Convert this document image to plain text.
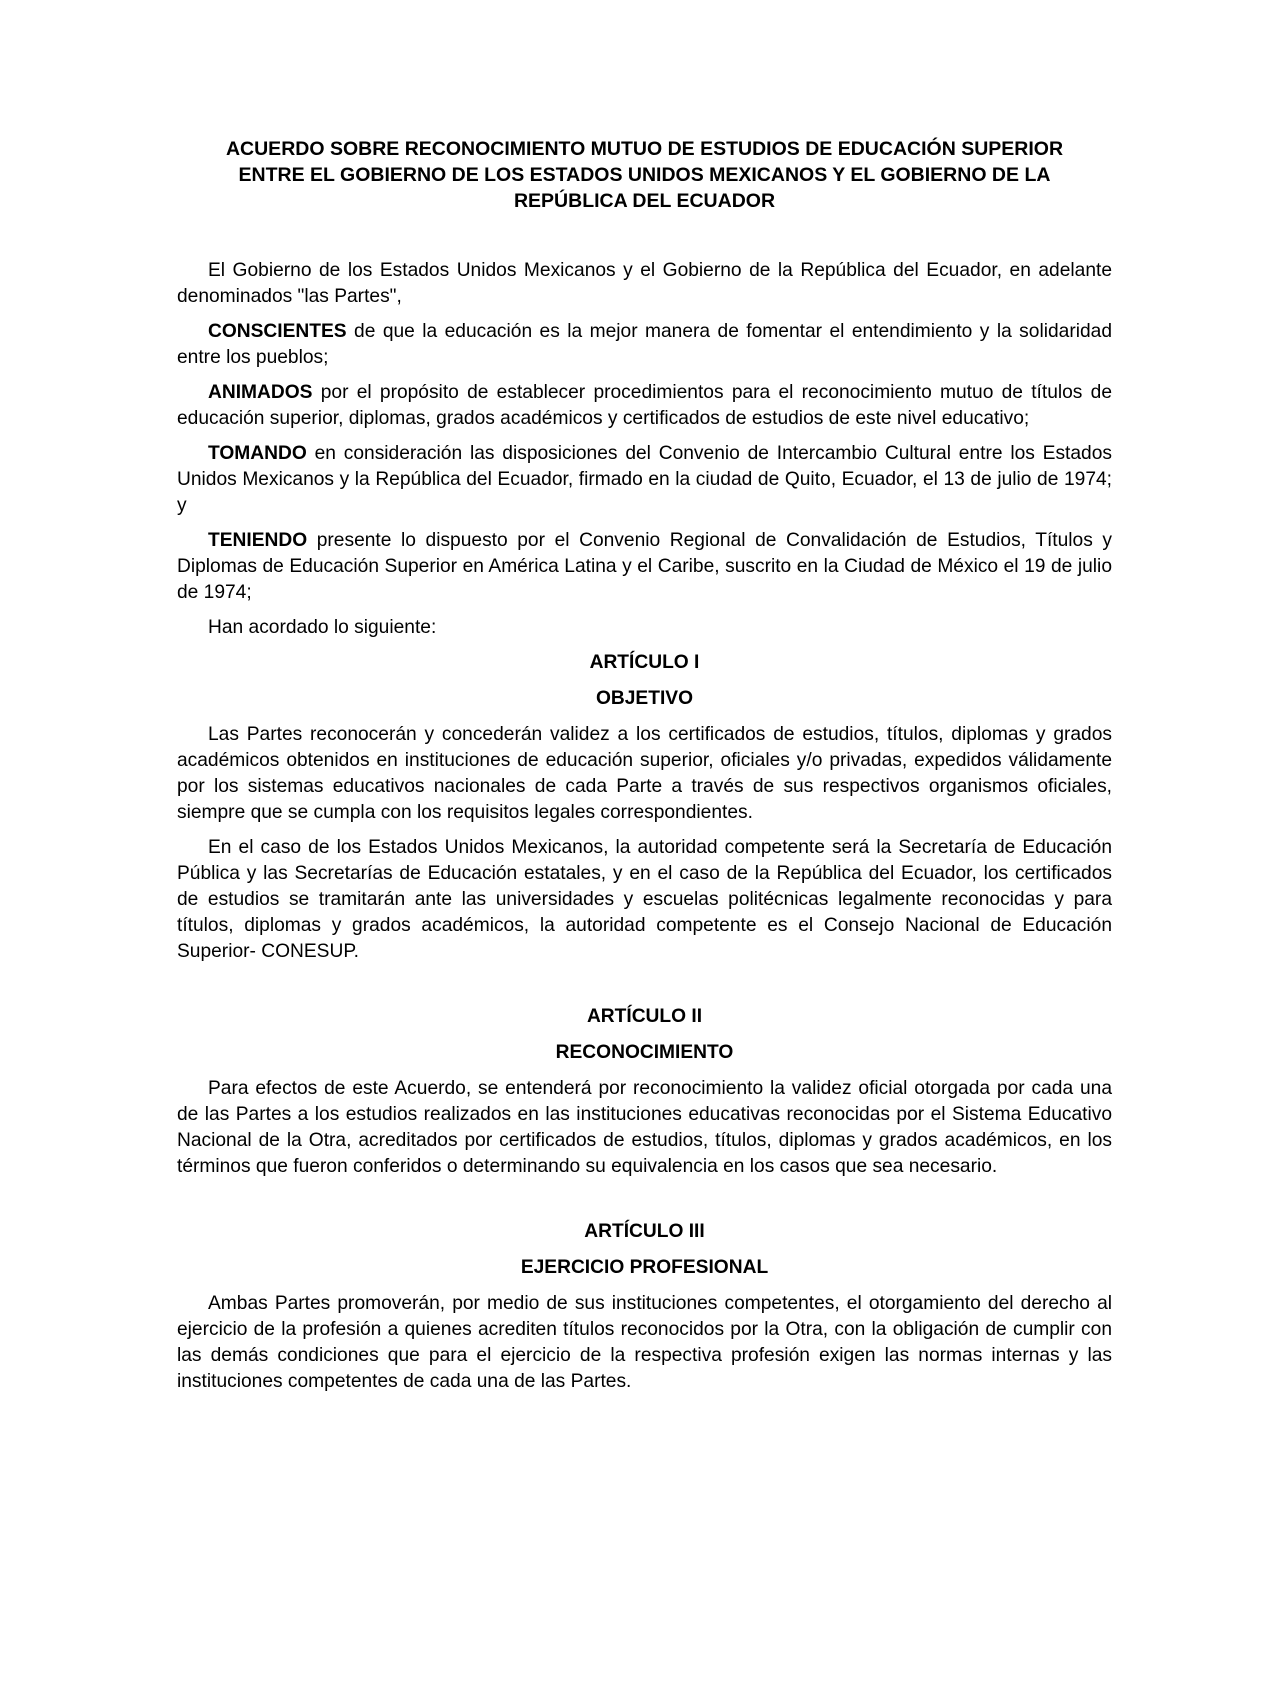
ACUERDO SOBRE RECONOCIMIENTO MUTUO DE ESTUDIOS DE EDUCACIÓN SUPERIOR
ENTRE EL GOBIERNO DE LOS ESTADOS UNIDOS MEXICANOS Y EL GOBIERNO DE LA
REPÚBLICA DEL ECUADOR

El Gobierno de los Estados Unidos Mexicanos y el Gobierno de la República del Ecuador, en adelante denominados "las Partes",

CONSCIENTES de que la educación es la mejor manera de fomentar el entendimiento y la solidaridad entre los pueblos;

ANIMADOS por el propósito de establecer procedimientos para el reconocimiento mutuo de títulos de educación superior, diplomas, grados académicos y certificados de estudios de este nivel educativo;

TOMANDO en consideración las disposiciones del Convenio de Intercambio Cultural entre los Estados Unidos Mexicanos y la República del Ecuador, firmado en la ciudad de Quito, Ecuador, el 13 de julio de 1974; y

TENIENDO presente lo dispuesto por el Convenio Regional de Convalidación de Estudios, Títulos y Diplomas de Educación Superior en América Latina y el Caribe, suscrito en la Ciudad de México el 19 de julio de 1974;

Han acordado lo siguiente:

ARTÍCULO I
OBJETIVO

Las Partes reconocerán y concederán validez a los certificados de estudios, títulos, diplomas y grados académicos obtenidos en instituciones de educación superior, oficiales y/o privadas, expedidos válidamente por los sistemas educativos nacionales de cada Parte a través de sus respectivos organismos oficiales, siempre que se cumpla con los requisitos legales correspondientes.

En el caso de los Estados Unidos Mexicanos, la autoridad competente será la Secretaría de Educación Pública y las Secretarías de Educación estatales, y en el caso de la República del Ecuador, los certificados de estudios se tramitarán ante las universidades y escuelas politécnicas legalmente reconocidas y para títulos, diplomas y grados académicos, la autoridad competente es el Consejo Nacional de Educación Superior- CONESUP.

ARTÍCULO II
RECONOCIMIENTO

Para efectos de este Acuerdo, se entenderá por reconocimiento la validez oficial otorgada por cada una de las Partes a los estudios realizados en las instituciones educativas reconocidas por el Sistema Educativo Nacional de la Otra, acreditados por certificados de estudios, títulos, diplomas y grados académicos, en los términos que fueron conferidos o determinando su equivalencia en los casos que sea necesario.

ARTÍCULO III
EJERCICIO PROFESIONAL

Ambas Partes promoverán, por medio de sus instituciones competentes, el otorgamiento del derecho al ejercicio de la profesión a quienes acrediten títulos reconocidos por la Otra, con la obligación de cumplir con las demás condiciones que para el ejercicio de la respectiva profesión exigen las normas internas y las instituciones competentes de cada una de las Partes.
